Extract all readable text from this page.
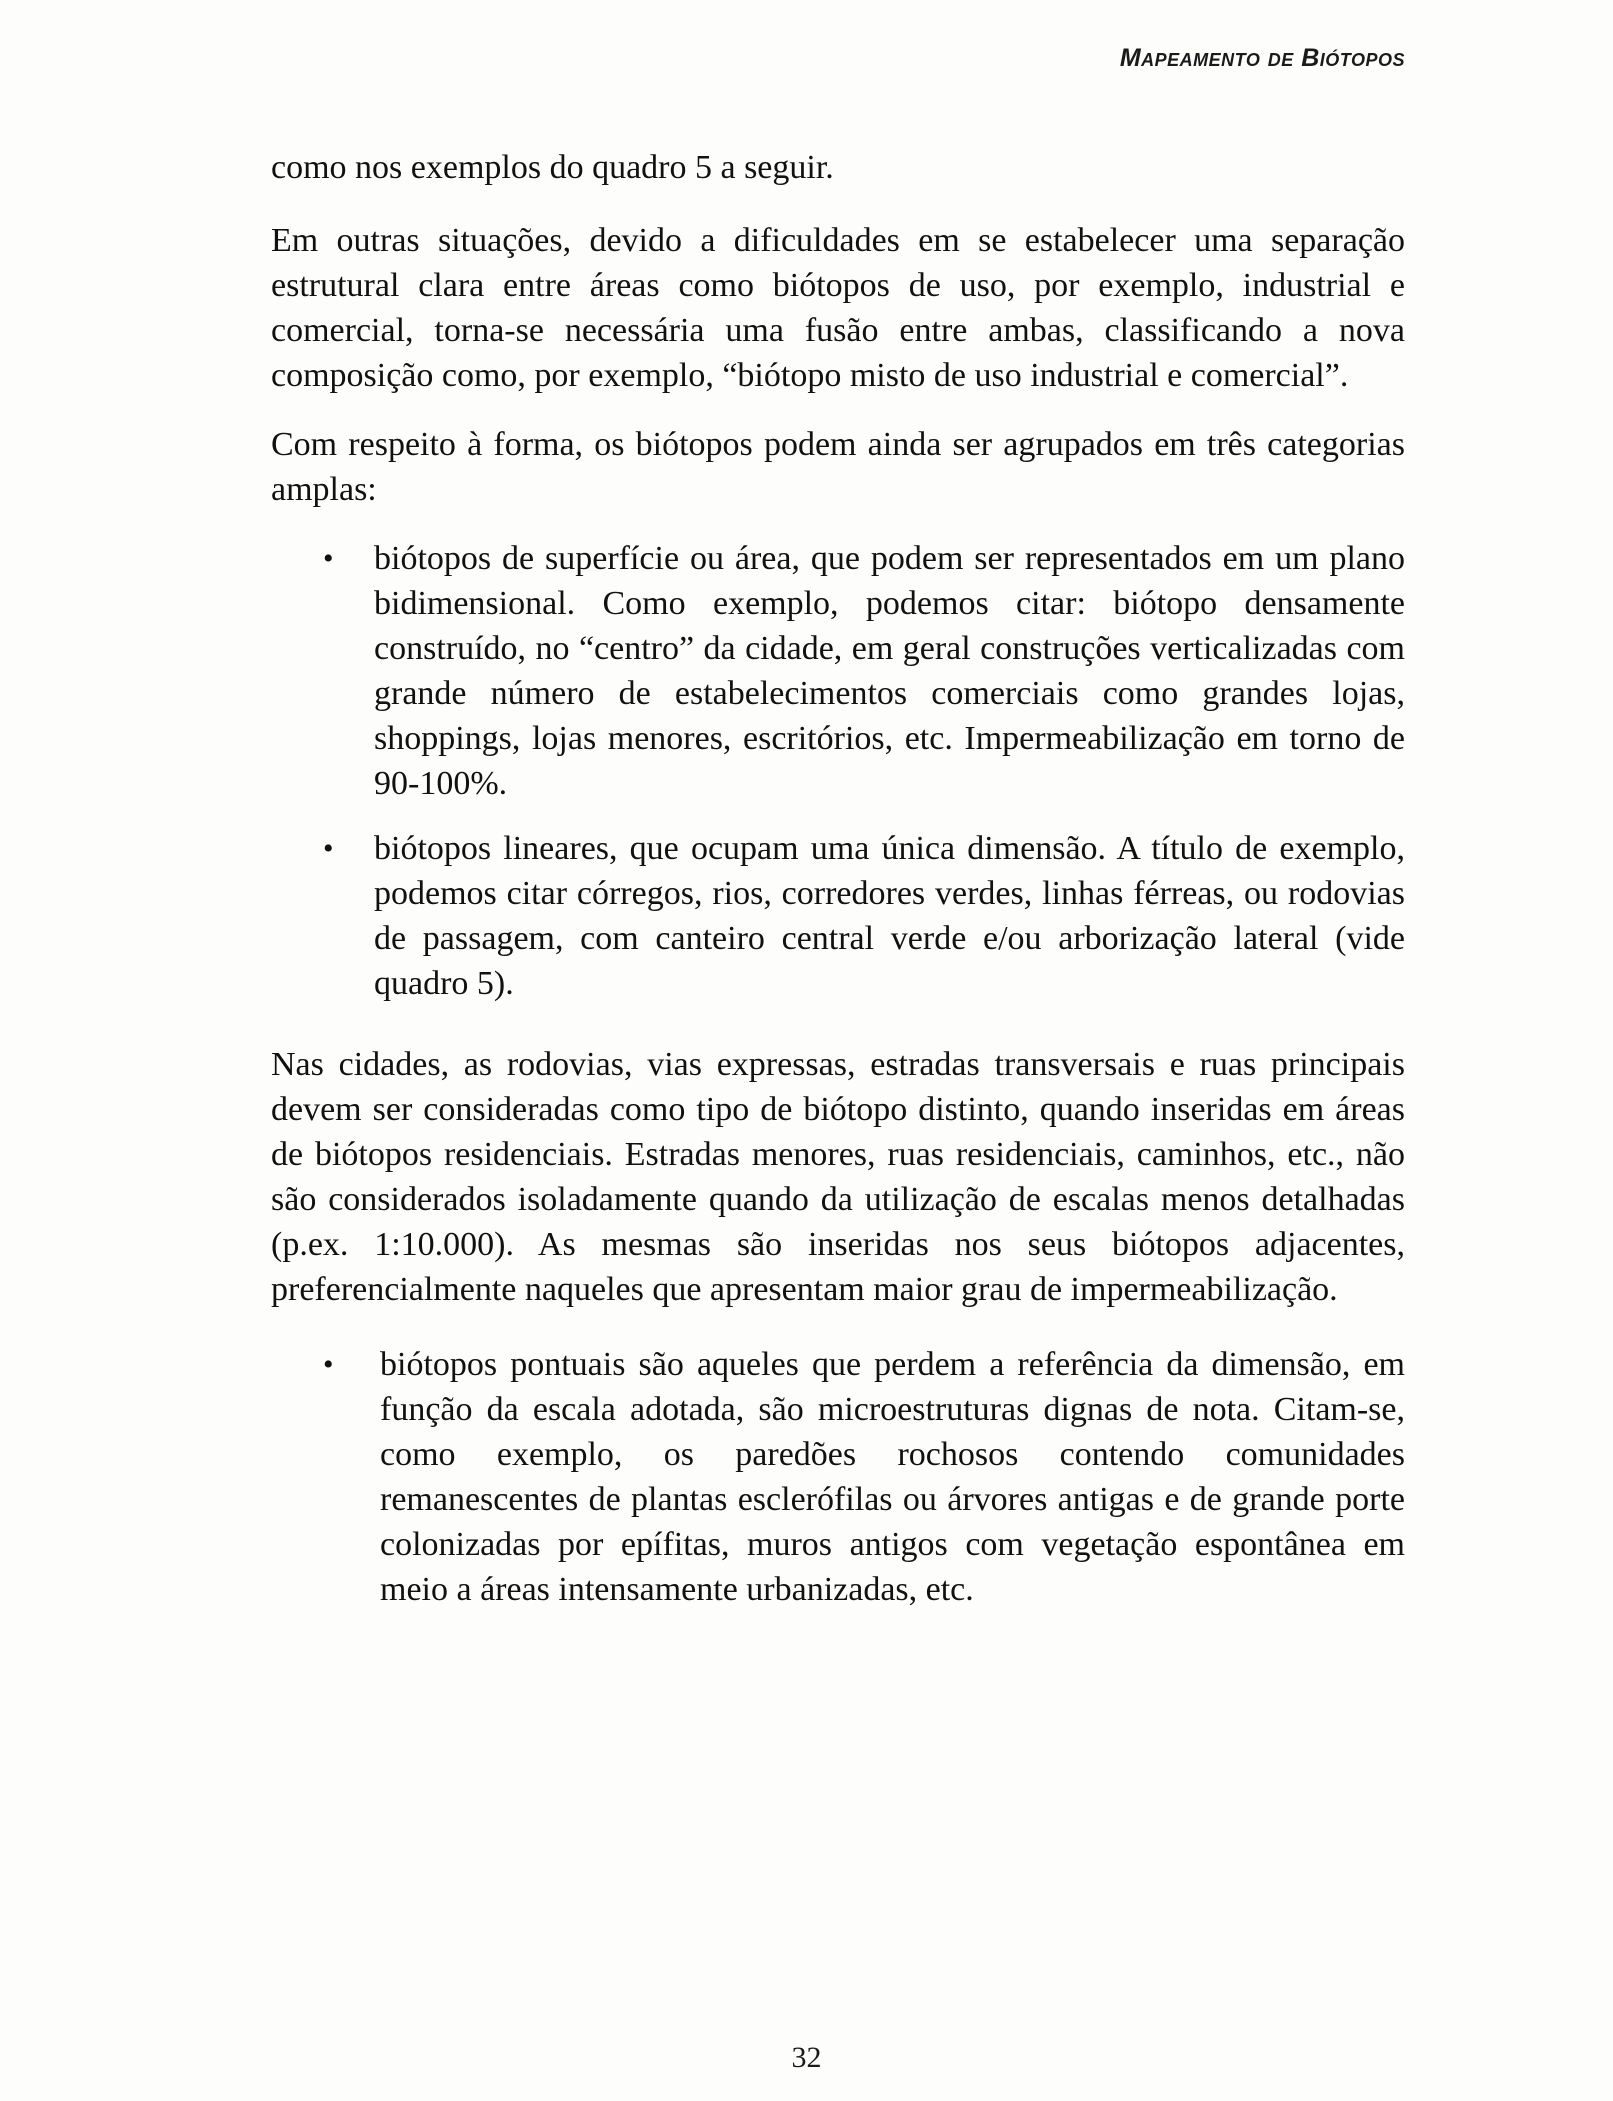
Mapeamento de Biótopos

como nos exemplos do quadro 5 a seguir.

Em outras situações, devido a dificuldades em se estabelecer uma separação estrutural clara entre áreas como biótopos de uso, por exemplo, industrial e comercial, torna-se necessária uma fusão entre ambas, classificando a nova composição como, por exemplo, “biótopo misto de uso industrial e comercial”.

Com respeito à forma, os biótopos podem ainda ser agrupados em três categorias amplas:

• biótopos de superfície ou área, que podem ser representados em um plano bidimensional. Como exemplo, podemos citar: biótopo densamente construído, no “centro” da cidade, em geral construções verticalizadas com grande número de estabelecimentos comerciais como grandes lojas, shoppings, lojas menores, escritórios, etc. Impermeabilização em torno de 90-100%.
• biótopos lineares, que ocupam uma única dimensão. A título de exemplo, podemos citar córregos, rios, corredores verdes, linhas férreas, ou rodovias de passagem, com canteiro central verde e/ou arborização lateral (vide quadro 5).

Nas cidades, as rodovias, vias expressas, estradas transversais e ruas principais devem ser consideradas como tipo de biótopo distinto, quando inseridas em áreas de biótopos residenciais. Estradas menores, ruas residenciais, caminhos, etc., não são considerados isoladamente quando da utilização de escalas menos detalhadas (p.ex. 1:10.000). As mesmas são inseridas nos seus biótopos adjacentes, preferencialmente naqueles que apresentam maior grau de impermeabilização.

• biótopos pontuais são aqueles que perdem a referência da dimensão, em função da escala adotada, são microestruturas dignas de nota. Citam-se, como exemplo, os paredões rochosos contendo comunidades remanescentes de plantas esclerófilas ou árvores antigas e de grande porte colonizadas por epífitas, muros antigos com vegetação espontânea em meio a áreas intensamente urbanizadas, etc.
32
